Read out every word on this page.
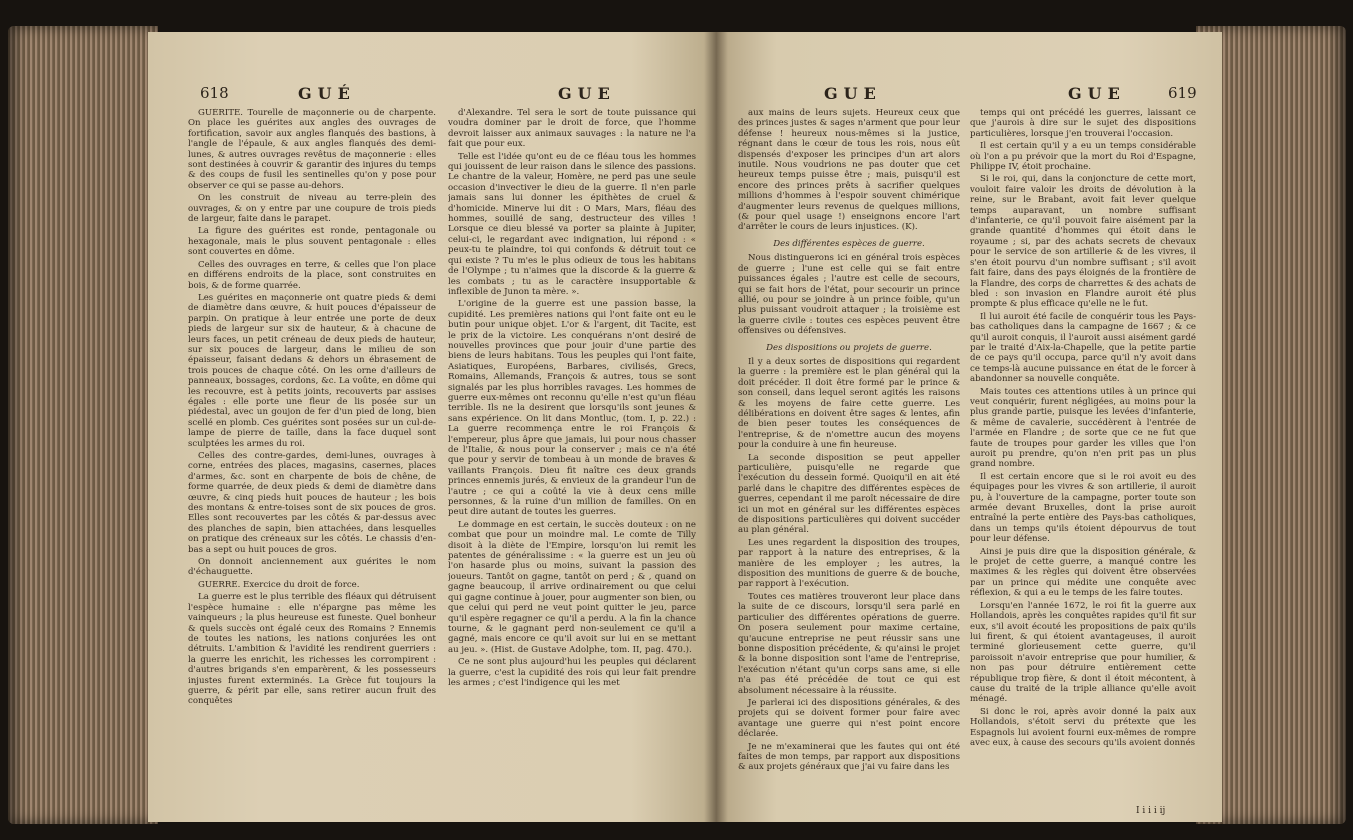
618	GUÉ	GUE

GUÉRITE. Tourelle de maçonnerie ou de charpente. On place les guérites aux angles des ouvrages de fortification, savoir aux angles flanqués des bastions, à l'angle de l'épaule, & aux angles flanqués des demi-lunes, & autres ouvrages revêtus de maçonnerie : elles sont destinées à couvrir & garantir des injures du temps & des coups de fusil les sentinelles qu'on y pose pour observer ce qui se passe au-dehors.

On les construit de niveau au terre-plein des ouvrages, & on y entre par une coupure de trois pieds de largeur, faite dans le parapet.

La figure des guérites est ronde, pentagonale ou hexagonale, mais le plus souvent pentagonale : elles sont couvertes en dôme.

Celles des ouvrages en terre, & celles que l'on place en différens endroits de la place, sont construites en bois, & de forme quarrée.

Les guérites en maçonnerie ont quatre pieds & demi de diamètre dans œuvre, & huit pouces d'épaisseur de parpin. On pratique à leur entrée une porte de deux pieds de largeur sur six de hauteur, & à chacune de leurs faces, un petit créneau de deux pieds de hauteur, sur six pouces de largeur, dans le milieu de son épaisseur, faisant dedans & dehors un ébrasement de trois pouces de chaque côté. On les orne d'ailleurs de panneaux, bossages, cordons, &c. La voûte, en dôme qui les recouvre, est à petits joints, recouverts par assises égales : elle porte une fleur de lis posée sur un piédestal, avec un goujon de fer d'un pied de long, bien scellé en plomb. Ces guérites sont posées sur un cul-de-lampe de pierre de taille, dans la face duquel sont sculptées les armes du roi.

Celles des contre-gardes, demi-lunes, ouvrages à corne, entrées des places, magasins, casernes, places d'armes, &c. sont en charpente de bois de chêne, de forme quarrée, de deux pieds & demi de diamètre dans œuvre, & cinq pieds huit pouces de hauteur ; les bois des montans & entre-toises sont de six pouces de gros. Elles sont recouvertes par les côtés & par-dessus avec des planches de sapin, bien attachées, dans lesquelles on pratique des créneaux sur les côtés. Le chassis d'en-bas a sept ou huit pouces de gros.

On donnoit anciennement aux guérites le nom d'échauguette.

GUERRE. Exercice du droit de force.

La guerre est le plus terrible des fléaux qui détruisent l'espèce humaine : elle n'épargne pas même les vainqueurs ; la plus heureuse est funeste. Quel bonheur & quels succès ont égalé ceux des Romains ? Ennemis de toutes les nations, les nations conjurées les ont détruits. L'ambition & l'avidité les rendirent guerriers : la guerre les enrichit, les richesses les corrompirent : d'autres brigands s'en emparèrent, & les possesseurs injustes furent exterminés. La Grèce fut toujours la guerre, & périt par elle, sans retirer aucun fruit des conquêtes

d'Alexandre. Tel sera le sort de toute puissance qui voudra dominer par le droit de force, que l'homme devroit laisser aux animaux sauvages : la nature ne l'a fait que pour eux.

Telle est l'idée qu'ont eu de ce fléau tous les hommes qui jouissent de leur raison dans le silence des passions. Le chantre de la valeur, Homère, ne perd pas une seule occasion d'invectiver le dieu de la guerre. Il n'en parle jamais sans lui donner les épithètes de cruel & d'homicide. Minerve lui dit : O Mars, Mars, fléau des hommes, souillé de sang, destructeur des villes ! Lorsque ce dieu blessé va porter sa plainte à Jupiter, celui-ci, le regardant avec indignation, lui répond : « peux-tu te plaindre, toi qui confonds & détruit tout ce qui existe ? Tu m'es le plus odieux de tous les habitans de l'Olympe ; tu n'aimes que la discorde & la guerre & les combats ; tu as le caractère insupportable & inflexible de Junon ta mère. ».

L'origine de la guerre est une passion basse, la cupidité. Les premières nations qui l'ont faite ont eu le butin pour unique objet. L'or & l'argent, dit Tacite, est le prix de la victoire. Les conquérans n'ont desiré de nouvelles provinces que pour jouir d'une partie des biens de leurs habitans. Tous les peuples qui l'ont faite, Asiatiques, Européens, Barbares, civilisés, Grecs, Romains, Allemands, François & autres, tous se sont signalés par les plus horribles ravages. Les hommes de guerre eux-mêmes ont reconnu qu'elle n'est qu'un fléau terrible. Ils ne la desirent que lorsqu'ils sont jeunes & sans expérience. On lit dans Montluc, (tom. I, p. 22.) : La guerre recommença entre le roi François & l'empereur, plus âpre que jamais, lui pour nous chasser de l'Italie, & nous pour la conserver ; mais ce n'a été que pour y servir de tombeau à un monde de braves & vaillants François. Dieu fit naître ces deux grands princes ennemis jurés, & envieux de la grandeur l'un de l'autre ; ce qui a coûté la vie à deux cens mille personnes, & la ruine d'un million de familles. On en peut dire autant de toutes les guerres.

Le dommage en est certain, le succès douteux : on ne combat que pour un moindre mal. Le comte de Tilly disoit à la diète de l'Empire, lorsqu'on lui remit les patentes de généralissime : « la guerre est un jeu où l'on hasarde plus ou moins, suivant la passion des joueurs. Tantôt on gagne, tantôt on perd ; & , quand on gagne beaucoup, il arrive ordinairement ou que celui qui gagne continue à jouer, pour augmenter son bien, ou que celui qui perd ne veut point quitter le jeu, parce qu'il espère regagner ce qu'il a perdu. A la fin la chance tourne, & le gagnant perd non-seulement ce qu'il a gagné, mais encore ce qu'il avoit sur lui en se mettant au jeu. ». (Hist. de Gustave Adolphe, tom. II, pag. 470.).

Ce ne sont plus aujourd'hui les peuples qui déclarent la guerre, c'est la cupidité des rois qui leur fait prendre les armes ; c'est l'indigence qui les met

GUE	GUE	619

aux mains de leurs sujets. Heureux ceux que des princes justes & sages n'arment que pour leur défense ! heureux nous-mêmes si la justice, régnant dans le cœur de tous les rois, nous eût dispensés d'exposer les principes d'un art alors inutile. Nous voudrions ne pas douter que cet heureux temps puisse être ; mais, puisqu'il est encore des princes prêts à sacrifier quelques millions d'hommes à l'espoir souvent chimérique d'augmenter leurs revenus de quelques millions, (& pour quel usage !) enseignons encore l'art d'arrêter le cours de leurs injustices. (K).

Des différentes espèces de guerre.

Nous distinguerons ici en général trois espèces de guerre ; l'une est celle qui se fait entre puissances égales ; l'autre est celle de secours, qui se fait hors de l'état, pour secourir un prince allié, ou pour se joindre à un prince foible, qu'un plus puissant voudroit attaquer ; la troisième est la guerre civile : toutes ces espèces peuvent être offensives ou défensives.

Des dispositions ou projets de guerre.

Il y a deux sortes de dispositions qui regardent la guerre : la première est le plan général qui la doit précéder. Il doit être formé par le prince & son conseil, dans lequel seront agités les raisons & les moyens de faire cette guerre. Les délibérations en doivent être sages & lentes, afin de bien peser toutes les conséquences de l'entreprise, & de n'omettre aucun des moyens pour la conduire à une fin heureuse.

La seconde disposition se peut appeller particulière, puisqu'elle ne regarde que l'exécution du dessein formé. Quoiqu'il en ait été parlé dans le chapitre des différentes espèces de guerres, cependant il me paroît nécessaire de dire ici un mot en général sur les différentes espèces de dispositions particulières qui doivent succéder au plan général.

Les unes regardent la disposition des troupes, par rapport à la nature des entreprises, & la manière de les employer ; les autres, la disposition des munitions de guerre & de bouche, par rapport à l'exécution.

Toutes ces matières trouveront leur place dans la suite de ce discours, lorsqu'il sera parlé en particulier des différentes opérations de guerre. On posera seulement pour maxime certaine, qu'aucune entreprise ne peut réussir sans une bonne disposition précédente, & qu'ainsi le projet & la bonne disposition sont l'ame de l'entreprise, l'exécution n'étant qu'un corps sans ame, si elle n'a pas été précédée de tout ce qui est absolument nécessaire à la réussite.

Je parlerai ici des dispositions générales, & des projets qui se doivent former pour faire avec avantage une guerre qui n'est point encore déclarée.

Je ne m'examinerai que les fautes qui ont été faites de mon temps, par rapport aux dispositions & aux projets généraux que j'ai vu faire dans les

temps qui ont précédé les guerres, laissant ce que j'aurois à dire sur le sujet des dispositions particulières, lorsque j'en trouverai l'occasion.

Il est certain qu'il y a eu un temps considérable où l'on a pu prévoir que la mort du Roi d'Espagne, Philippe IV, étoit prochaine.

Si le roi, qui, dans la conjoncture de cette mort, vouloit faire valoir les droits de dévolution à la reine, sur le Brabant, avoit fait lever quelque temps auparavant, un nombre suffisant d'infanterie, ce qu'il pouvoit faire aisément par la grande quantité d'hommes qui étoit dans le royaume ; si, par des achats secrets de chevaux pour le service de son artillerie & de les vivres, il s'en étoit pourvu d'un nombre suffisant ; s'il avoit fait faire, dans des pays éloignés de la frontière de la Flandre, des corps de charrettes & des achats de bled : son invasion en Flandre auroit été plus prompte & plus efficace qu'elle ne le fut.

Il lui auroit été facile de conquérir tous les Pays-bas catholiques dans la campagne de 1667 ; & ce qu'il auroit conquis, il l'auroit aussi aisément gardé par le traité d'Aix-la-Chapelle, que la petite partie de ce pays qu'il occupa, parce qu'il n'y avoit dans ce temps-là aucune puissance en état de le forcer à abandonner sa nouvelle conquête.

Mais toutes ces attentions utiles à un prince qui veut conquérir, furent négligées, au moins pour la plus grande partie, puisque les levées d'infanterie, & même de cavalerie, succédèrent à l'entrée de l'armée en Flandre ; de sorte que ce ne fut que faute de troupes pour garder les villes que l'on auroit pu prendre, qu'on n'en prit pas un plus grand nombre.

Il est certain encore que si le roi avoit eu des équipages pour les vivres & son artillerie, il auroit pu, à l'ouverture de la campagne, porter toute son armée devant Bruxelles, dont la prise auroit entraîné la perte entière des Pays-bas catholiques, dans un temps qu'ils étoient dépourvus de tout pour leur défense.

Ainsi je puis dire que la disposition générale, & le projet de cette guerre, a manqué contre les maximes & les règles qui doivent être observées par un prince qui médite une conquête avec réflexion, & qui a eu le temps de les faire toutes.

Lorsqu'en l'année 1672, le roi fit la guerre aux Hollandois, après les conquêtes rapides qu'il fit sur eux, s'il avoit écouté les propositions de paix qu'ils lui firent, & qui étoient avantageuses, il auroit terminé glorieusement cette guerre, qu'il paroissoit n'avoir entreprise que pour humilier, & non pas pour détruire entièrement cette république trop fière, & dont il étoit mécontent, à cause du traité de la triple alliance qu'elle avoit ménagé.

Si donc le roi, après avoir donné la paix aux Hollandois, s'étoit servi du prétexte que les Espagnols lui avoient fourni eux-mêmes de rompre avec eux, à cause des secours qu'ils avoient donnés

I i i i ij
